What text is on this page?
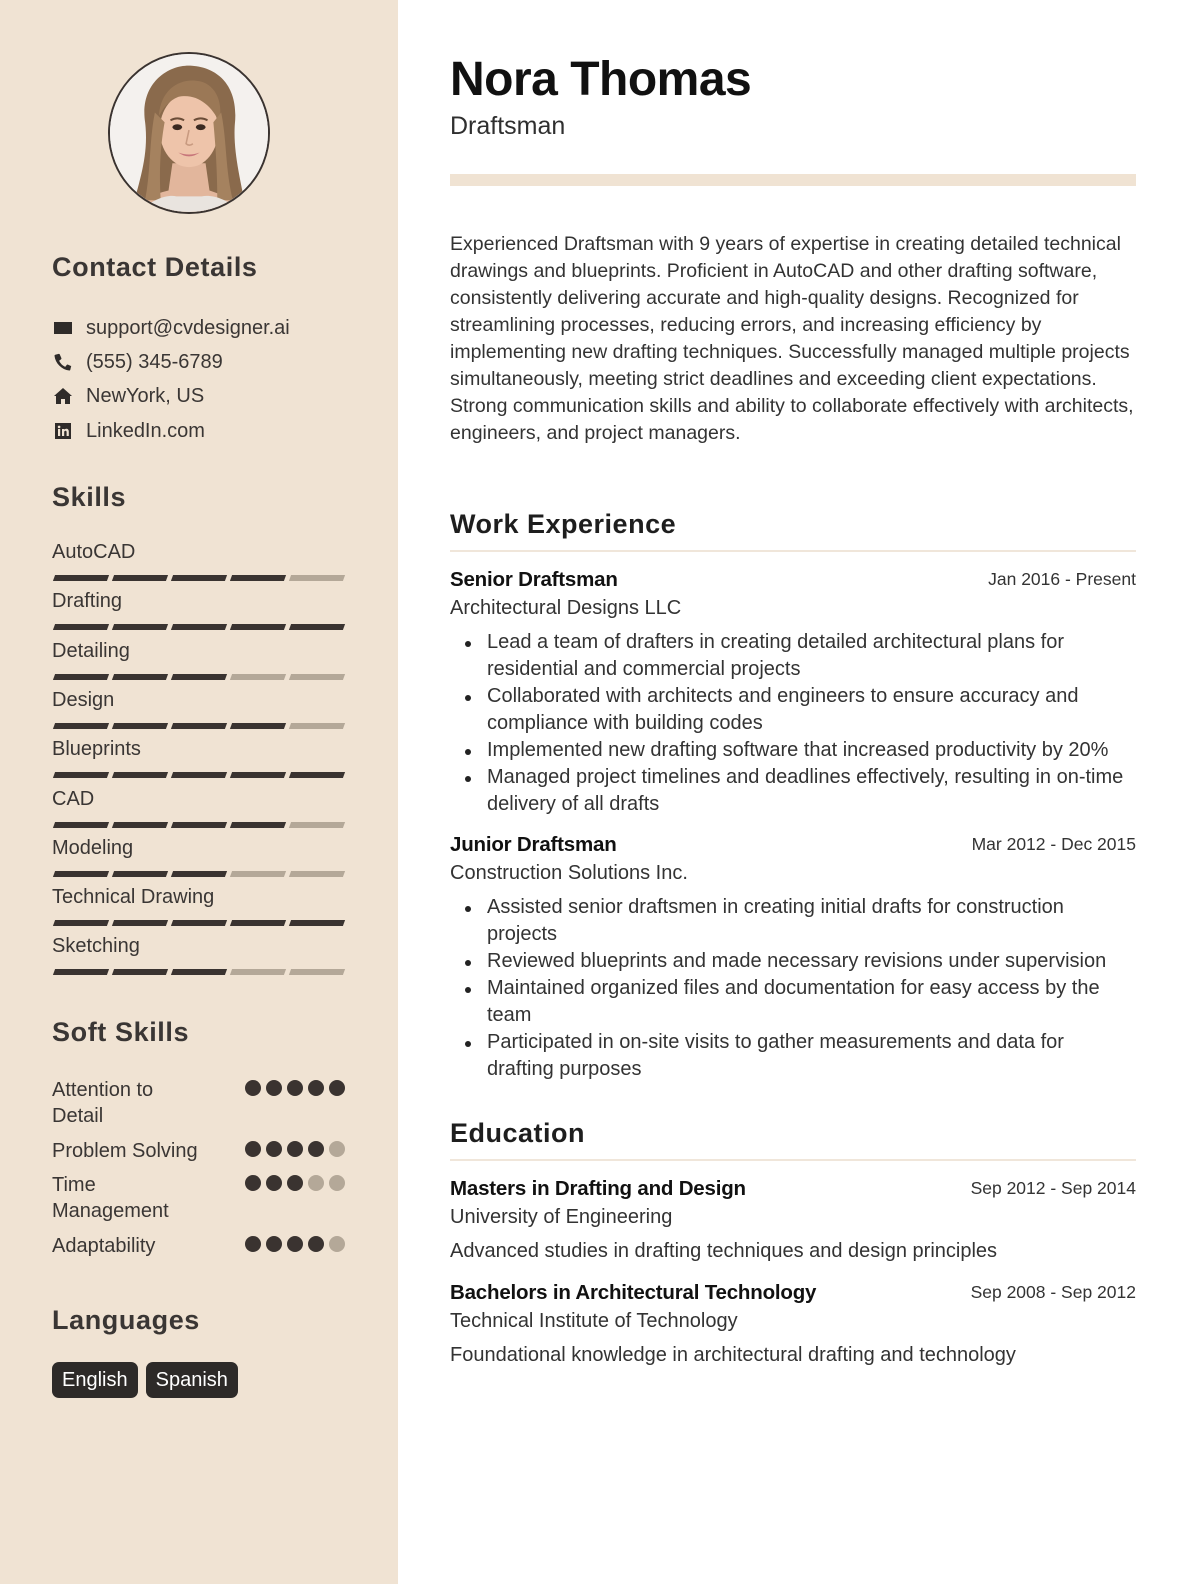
Contact Details
support@cvdesigner.ai
(555) 345-6789
NewYork, US
LinkedIn.com
Skills
AutoCAD
Drafting
Detailing
Design
Blueprints
CAD
Modeling
Technical Drawing
Sketching
Soft Skills
Attention to Detail
Problem Solving
Time Management
Adaptability
Languages
English	Spanish
Nora Thomas
Draftsman

Experienced Draftsman with 9 years of expertise in creating detailed technical drawings and blueprints. Proficient in AutoCAD and other drafting software, consistently delivering accurate and high-quality designs. Recognized for streamlining processes, reducing errors, and increasing efficiency by implementing new drafting techniques. Successfully managed multiple projects simultaneously, meeting strict deadlines and exceeding client expectations. Strong communication skills and ability to collaborate effectively with architects, engineers, and project managers.

Work Experience
Senior Draftsman	Jan 2016 - Present
Architectural Designs LLC
Lead a team of drafters in creating detailed architectural plans for residential and commercial projects
Collaborated with architects and engineers to ensure accuracy and compliance with building codes
Implemented new drafting software that increased productivity by 20%
Managed project timelines and deadlines effectively, resulting in on-time delivery of all drafts
Junior Draftsman	Mar 2012 - Dec 2015
Construction Solutions Inc.
Assisted senior draftsmen in creating initial drafts for construction projects
Reviewed blueprints and made necessary revisions under supervision
Maintained organized files and documentation for easy access by the team
Participated in on-site visits to gather measurements and data for drafting purposes
Education
Masters in Drafting and Design	Sep 2012 - Sep 2014
University of Engineering
Advanced studies in drafting techniques and design principles
Bachelors in Architectural Technology	Sep 2008 - Sep 2012
Technical Institute of Technology
Foundational knowledge in architectural drafting and technology
